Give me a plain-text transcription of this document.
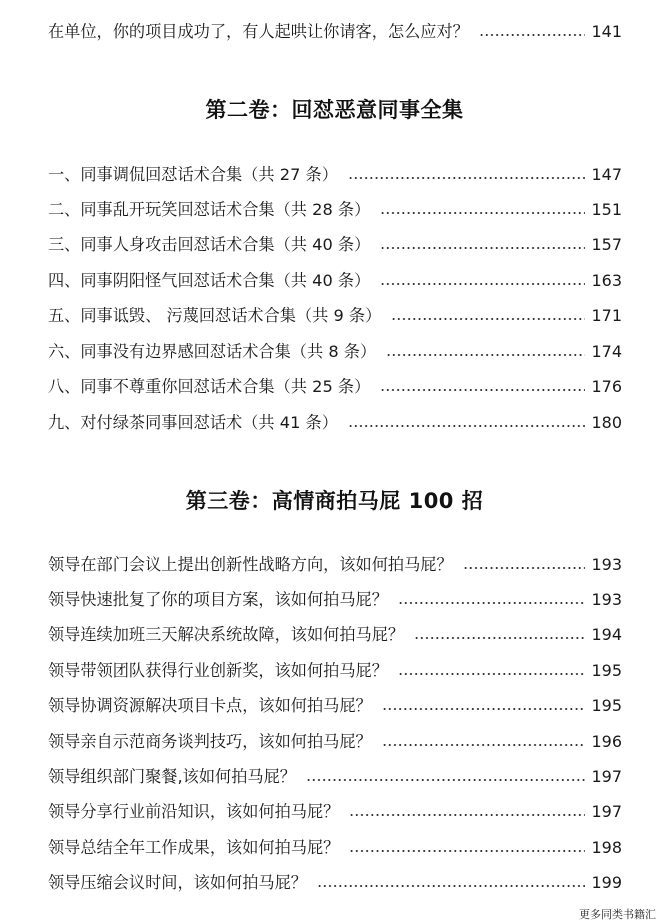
在单位，你的项目成功了，有人起哄让你请客，怎么应对？	141
第二卷：回怼恶意同事全集
一、同事调侃回怼话术合集（共 27 条）	147
二、同事乱开玩笑回怼话术合集（共 28 条）	151
三、同事人身攻击回怼话术合集（共 40 条）	157
四、同事阴阳怪气回怼话术合集（共 40 条）	163
五、同事诋毁、 污蔑回怼话术合集（共 9 条）	171
六、同事没有边界感回怼话术合集（共 8 条）	174
八、同事不尊重你回怼话术合集（共 25 条）	176
九、对付绿茶同事回怼话术（共 41 条）	180
第三卷：高情商拍马屁 100 招
领导在部门会议上提出创新性战略方向，该如何拍马屁？	193
领导快速批复了你的项目方案，该如何拍马屁？	193
领导连续加班三天解决系统故障，该如何拍马屁？	194
领导带领团队获得行业创新奖，该如何拍马屁？	195
领导协调资源解决项目卡点，该如何拍马屁？	195
领导亲自示范商务谈判技巧，该如何拍马屁？	196
领导组织部门聚餐,该如何拍马屁？	197
领导分享行业前沿知识，该如何拍马屁？	197
领导总结全年工作成果，该如何拍马屁？	198
领导压缩会议时间，该如何拍马屁？	199
更多同类书籍汇
